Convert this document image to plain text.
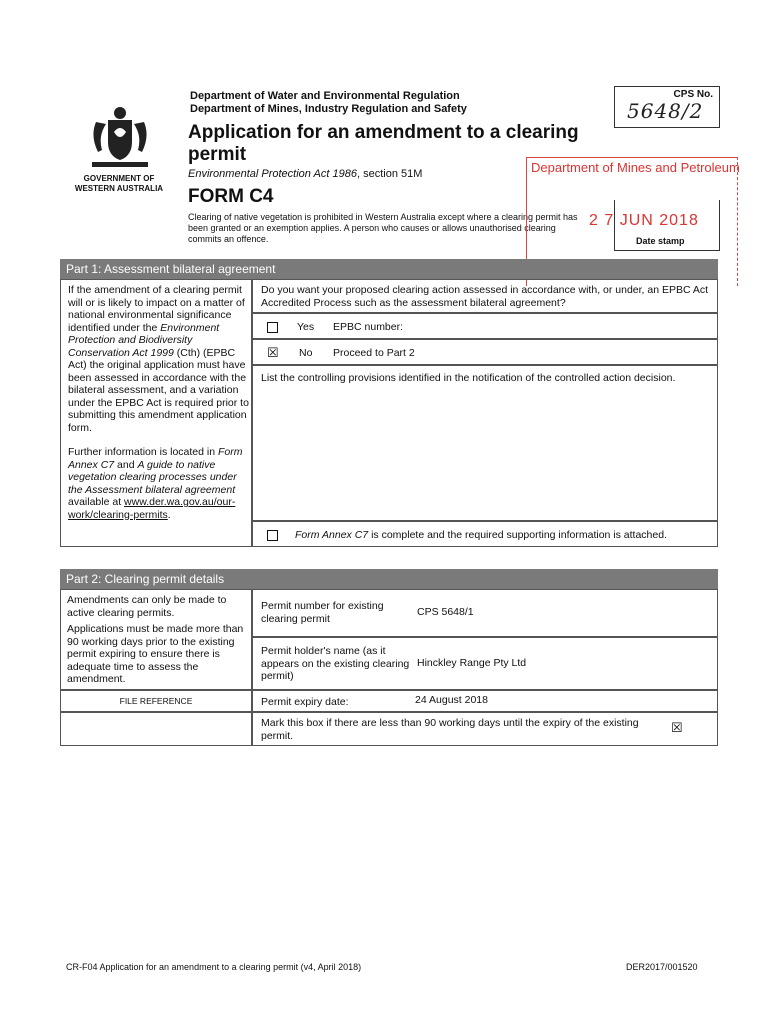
Department of Water and Environmental Regulation
Department of Mines, Industry Regulation and Safety
CPS No.
5648/2
GOVERNMENT OF
WESTERN AUSTRALIA
Application for an amendment to a clearing
permit
Environmental Protection Act 1986, section 51M
FORM C4
Clearing of native vegetation is prohibited in Western Australia except where a clearing permit has been granted or an exemption applies. A person who causes or allows unauthorised clearing commits an offence.	Date stamp
Department of Mines and Petroleum
2 7 JUN 2018
Part 1: Assessment bilateral agreement
If the amendment of a clearing permit will or is likely to impact on a matter of national environmental significance identified under the Environment Protection and Biodiversity Conservation Act 1999 (Cth) (EPBC Act) the original application must have been assessed in accordance with the bilateral assessment, and a variation under the EPBC Act is required prior to submitting this amendment application form.
Further information is located in Form Annex C7 and A guide to native vegetation clearing processes under the Assessment bilateral agreement available at www.der.wa.gov.au/our-work/clearing-permits.
Do you want your proposed clearing action assessed in accordance with, or under, an EPBC Act Accredited Process such as the assessment bilateral agreement?
Yes EPBC number:
☒ No Proceed to Part 2
List the controlling provisions identified in the notification of the controlled action decision.
Form Annex C7 is complete and the required supporting information is attached.
Part 2: Clearing permit details
Amendments can only be made to active clearing permits.
Applications must be made more than 90 working days prior to the existing permit expiring to ensure there is adequate time to assess the amendment.
FILE REFERENCE
Permit number for existing clearing permit
CPS 5648/1
Permit holder's name (as it appears on the existing clearing permit)
Hinckley Range Pty Ltd
Permit expiry date:	24 August 2018
Mark this box if there are less than 90 working days until the expiry of the existing permit.
☒
CR-F04 Application for an amendment to a clearing permit (v4, April 2018)	DER2017/001520
